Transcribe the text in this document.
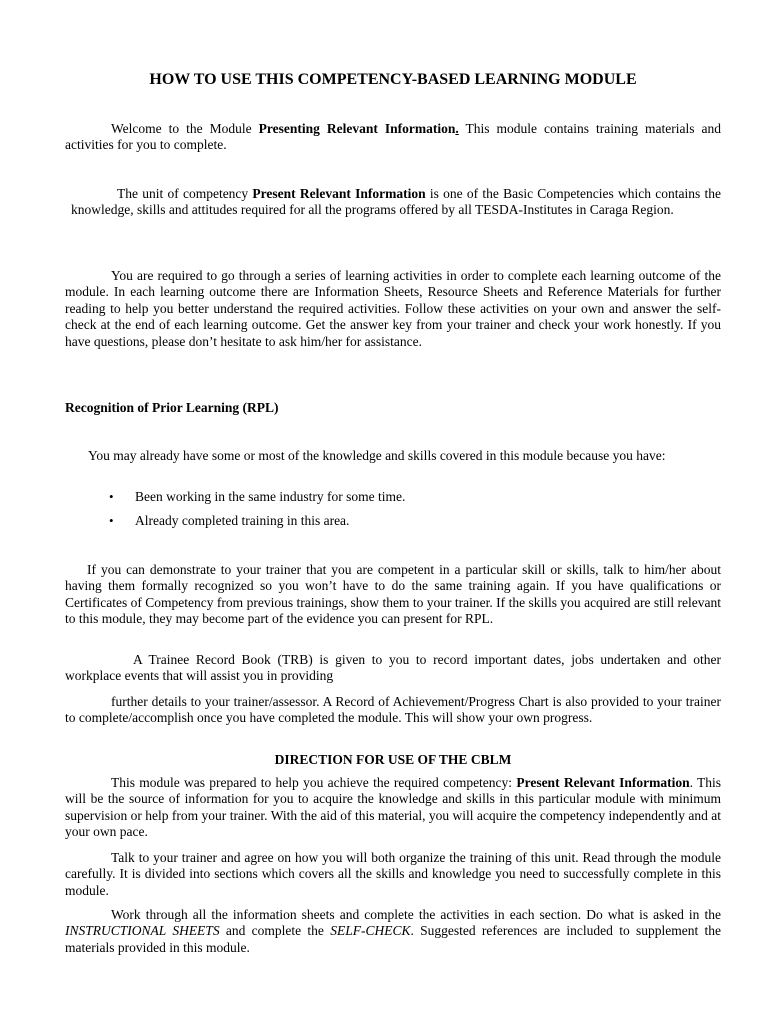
HOW TO USE THIS COMPETENCY-BASED LEARNING MODULE

Welcome to the Module Presenting Relevant Information. This module contains training materials and activities for you to complete.

The unit of competency Present Relevant Information is one of the Basic Competencies which contains the knowledge, skills and attitudes required for all the programs offered by all TESDA-Institutes in Caraga Region.

You are required to go through a series of learning activities in order to complete each learning outcome of the module. In each learning outcome there are Information Sheets, Resource Sheets and Reference Materials for further reading to help you better understand the required activities. Follow these activities on your own and answer the self-check at the end of each learning outcome. Get the answer key from your trainer and check your work honestly. If you have questions, please don’t hesitate to ask him/her for assistance.

Recognition of Prior Learning (RPL)

You may already have some or most of the knowledge and skills covered in this module because you have:

• Been working in the same industry for some time.
• Already completed training in this area.

If you can demonstrate to your trainer that you are competent in a particular skill or skills, talk to him/her about having them formally recognized so you won’t have to do the same training again. If you have qualifications or Certificates of Competency from previous trainings, show them to your trainer. If the skills you acquired are still relevant to this module, they may become part of the evidence you can present for RPL.

A Trainee Record Book (TRB) is given to you to record important dates, jobs undertaken and other workplace events that will assist you in providing

further details to your trainer/assessor. A Record of Achievement/Progress Chart is also provided to your trainer to complete/accomplish once you have completed the module. This will show your own progress.

DIRECTION FOR USE OF THE CBLM

This module was prepared to help you achieve the required competency: Present Relevant Information. This will be the source of information for you to acquire the knowledge and skills in this particular module with minimum supervision or help from your trainer. With the aid of this material, you will acquire the competency independently and at your own pace.

Talk to your trainer and agree on how you will both organize the training of this unit. Read through the module carefully. It is divided into sections which covers all the skills and knowledge you need to successfully complete in this module.

Work through all the information sheets and complete the activities in each section. Do what is asked in the INSTRUCTIONAL SHEETS and complete the SELF-CHECK. Suggested references are included to supplement the materials provided in this module.
